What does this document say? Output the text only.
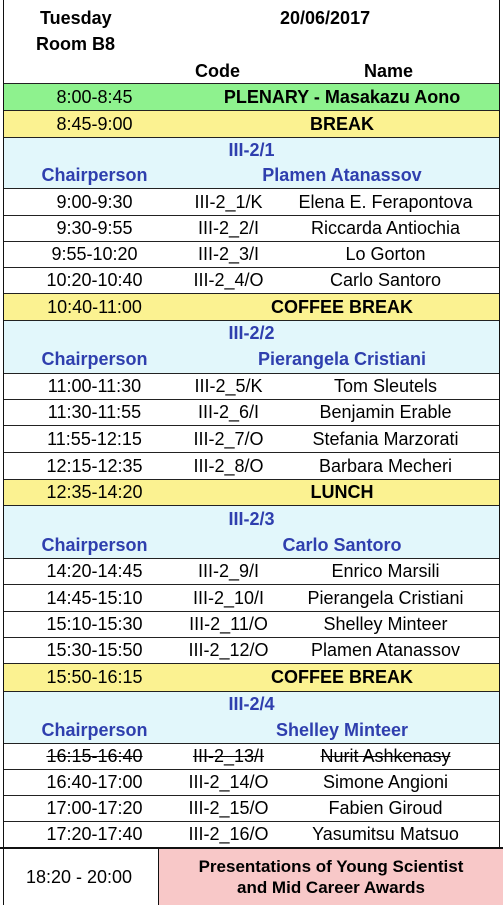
Tuesday	20/06/2017
Room B8
Code	Name
8:00-8:45	PLENARY - Masakazu Aono
8:45-9:00	BREAK
III-2/1
Chairperson	Plamen Atanassov
9:00-9:30	III-2_1/K	Elena E. Ferapontova
9:30-9:55	III-2_2/I	Riccarda Antiochia
9:55-10:20	III-2_3/I	Lo Gorton
10:20-10:40	III-2_4/O	Carlo Santoro
10:40-11:00	COFFEE BREAK
III-2/2
Chairperson	Pierangela Cristiani
11:00-11:30	III-2_5/K	Tom Sleutels
11:30-11:55	III-2_6/I	Benjamin Erable
11:55-12:15	III-2_7/O	Stefania Marzorati
12:15-12:35	III-2_8/O	Barbara Mecheri
12:35-14:20	LUNCH
III-2/3
Chairperson	Carlo Santoro
14:20-14:45	III-2_9/I	Enrico Marsili
14:45-15:10	III-2_10/I	Pierangela Cristiani
15:10-15:30	III-2_11/O	Shelley Minteer
15:30-15:50	III-2_12/O	Plamen Atanassov
15:50-16:15	COFFEE BREAK
III-2/4
Chairperson	Shelley Minteer
16:15-16:40	III-2_13/I	Nurit Ashkenasy
16:40-17:00	III-2_14/O	Simone Angioni
17:00-17:20	III-2_15/O	Fabien Giroud
17:20-17:40	III-2_16/O	Yasumitsu Matsuo
18:20 - 20:00	Presentations of Young Scientist
and Mid Career Awards
